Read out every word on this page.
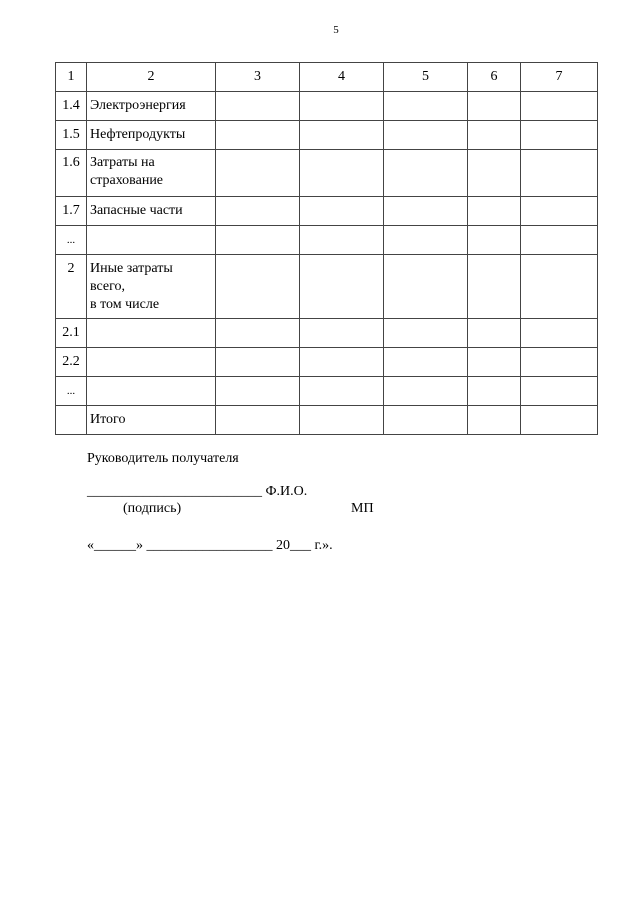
5
1	2	3	4	5	6	7
1.4	Электроэнергия					
1.5	Нефтепродукты					
1.6	Затраты на
страхование					

1.7	Запасные части					
...						
2	Иные затраты
всего,
в том числе					

2.1						
2.2						
...						
	Итого					
Руководитель получателя
_________________________ Ф.И.О.
(подпись)	МП
«______» __________________ 20___ г.».
